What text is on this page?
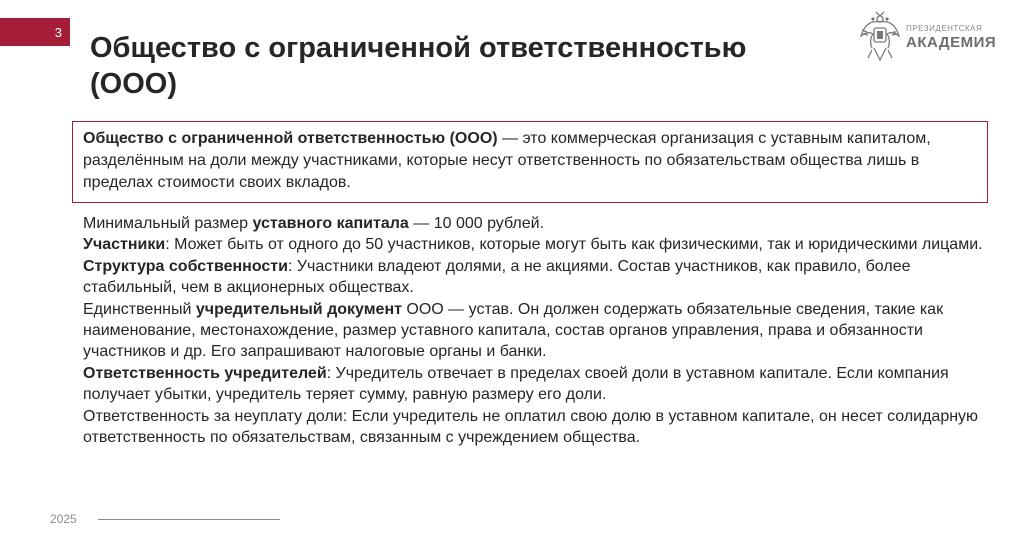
3 Общество с ограниченной ответственностью
(ООО)
ПРЕЗИДЕНТСКАЯ
АКАДЕМИЯ
Общество с ограниченной ответственностью (ООО) — это коммерческая организация с уставным капиталом, разделённым на доли между участниками, которые несут ответственность по обязательствам общества лишь в пределах стоимости своих вкладов.

Минимальный размер уставного капитала — 10 000 рублей.

Участники: Может быть от одного до 50 участников, которые могут быть как физическими, так и юридическими лицами.

Структура собственности: Участники владеют долями, а не акциями. Состав участников, как правило, более стабильный, чем в акционерных обществах.

Единственный учредительный документ ООО — устав. Он должен содержать обязательные сведения, такие как наименование, местонахождение, размер уставного капитала, состав органов управления, права и обязанности участников и др. Его запрашивают налоговые органы и банки.

Ответственность учредителей: Учредитель отвечает в пределах своей доли в уставном капитале. Если компания получает убытки, учредитель теряет сумму, равную размеру его доли.

Ответственность за неуплату доли: Если учредитель не оплатил свою долю в уставном капитале, он несет солидарную ответственность по обязательствам, связанным с учреждением общества.

2025
